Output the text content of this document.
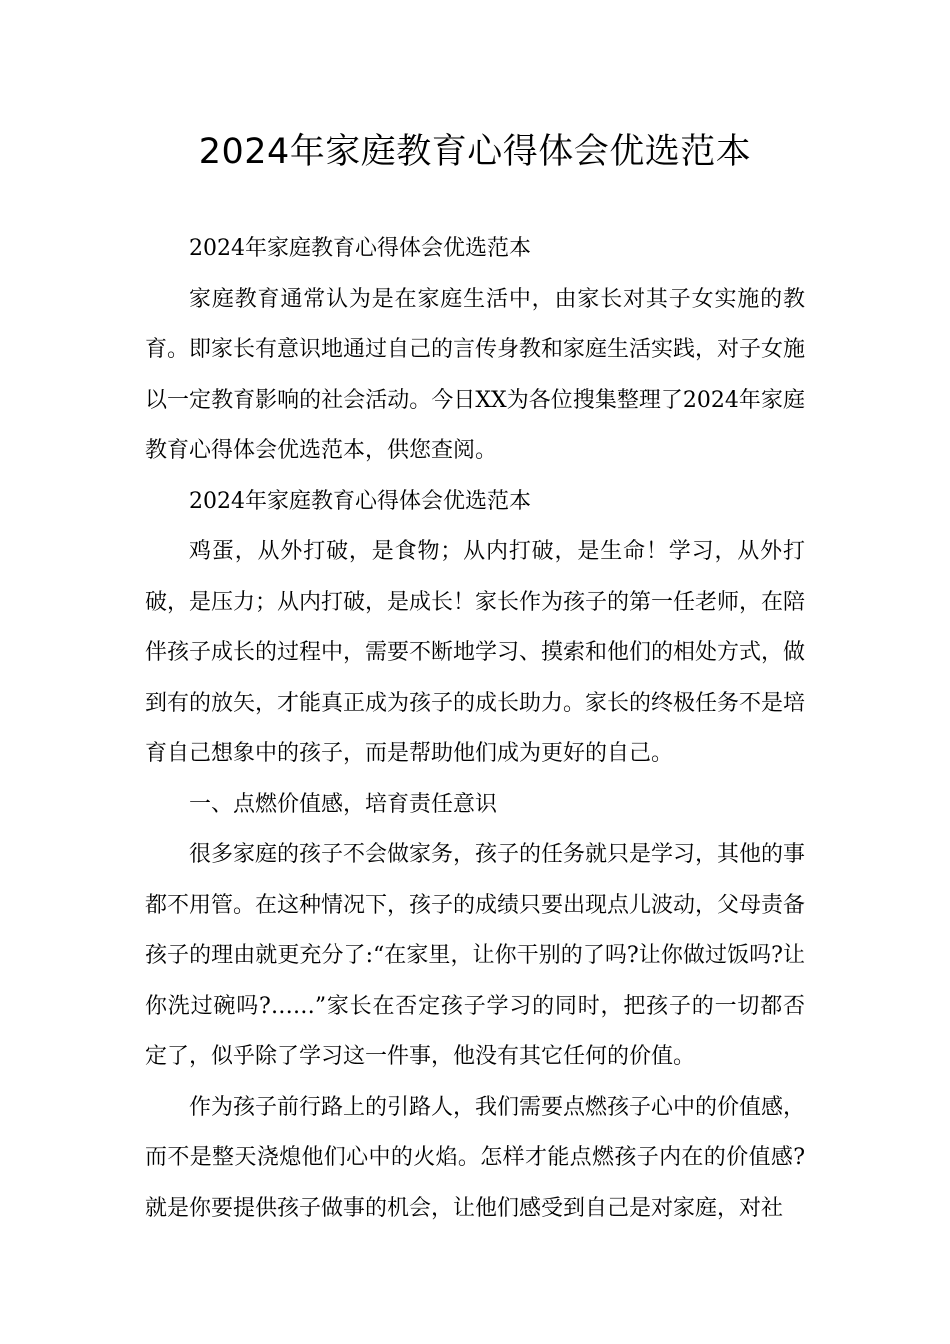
2024年家庭教育心得体会优选范本

2024年家庭教育心得体会优选范本

家庭教育通常认为是在家庭生活中，由家长对其子女实施的教育。即家长有意识地通过自己的言传身教和家庭生活实践，对子女施以一定教育影响的社会活动。今日XX为各位搜集整理了2024年家庭教育心得体会优选范本，供您查阅。

2024年家庭教育心得体会优选范本

鸡蛋，从外打破，是食物；从内打破，是生命！学习，从外打破，是压力；从内打破，是成长！家长作为孩子的第一任老师，在陪伴孩子成长的过程中，需要不断地学习、摸索和他们的相处方式，做到有的放矢，才能真正成为孩子的成长助力。家长的终极任务不是培育自己想象中的孩子，而是帮助他们成为更好的自己。

一、点燃价值感，培育责任意识

很多家庭的孩子不会做家务，孩子的任务就只是学习，其他的事都不用管。在这种情况下，孩子的成绩只要出现点儿波动，父母责备孩子的理由就更充分了:“在家里，让你干别的了吗?让你做过饭吗?让你洗过碗吗?……”家长在否定孩子学习的同时，把孩子的一切都否定了，似乎除了学习这一件事，他没有其它任何的价值。

作为孩子前行路上的引路人，我们需要点燃孩子心中的价值感，而不是整天浇熄他们心中的火焰。怎样才能点燃孩子内在的价值感?就是你要提供孩子做事的机会，让他们感受到自己是对家庭，对社
